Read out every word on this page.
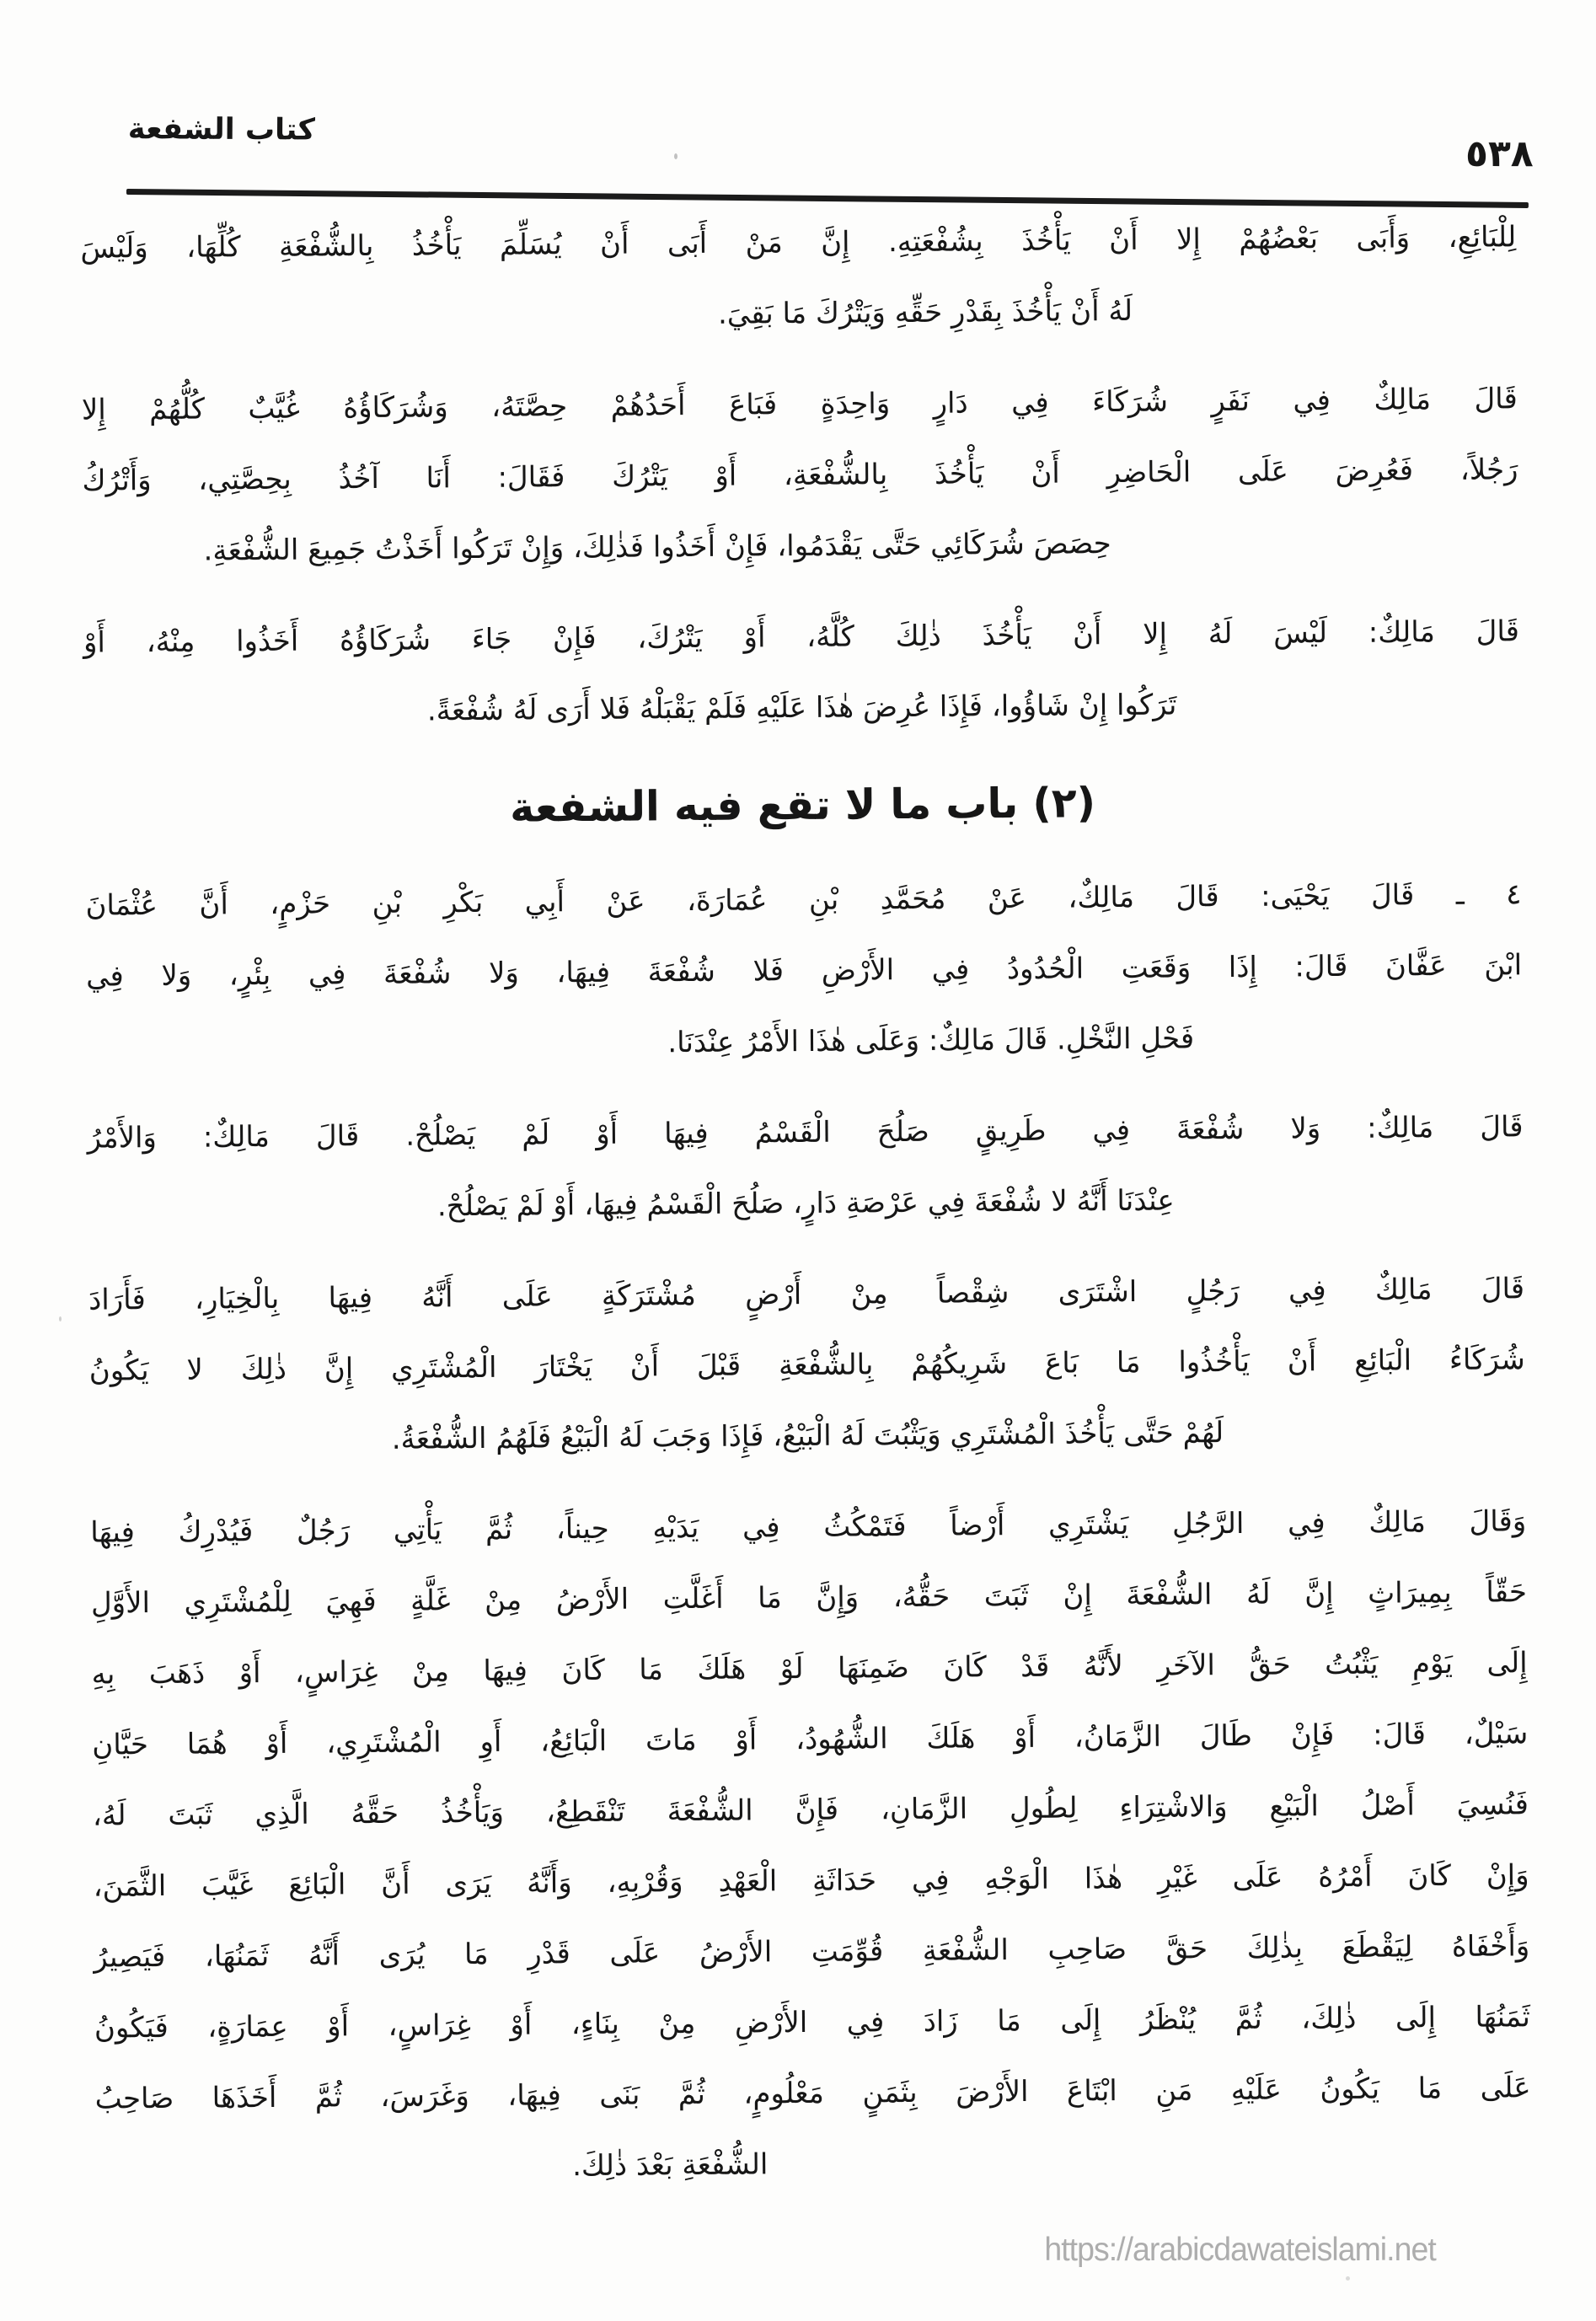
كتاب الشفعة
٥٣٨
لِلْبَائِعِ، وَأَبَى بَعْضُهُمْ إِلا أَنْ يَأْخُذَ بِشُفْعَتِهِ. إِنَّ مَنْ أَبَى أَنْ يُسَلِّمَ يَأْخُذُ بِالشُّفْعَةِ كُلِّهَا، وَلَيْسَ
لَهُ أَنْ يَأْخُذَ بِقَدْرِ حَقِّهِ وَيَتْرُكَ مَا بَقِيَ.
قَالَ مَالِكٌ فِي نَفَرٍ شُرَكَاءَ فِي دَارٍ وَاحِدَةٍ فَبَاعَ أَحَدُهُمْ حِصَّتَهُ، وَشُرَكَاؤُهُ غُيَّبٌ كُلُّهُمْ إِلا
رَجُلاً، فَعُرِضَ عَلَى الْحَاضِرِ أَنْ يَأْخُذَ بِالشُّفْعَةِ، أَوْ يَتْرُكَ فَقَالَ: أَنَا آخُذُ بِحِصَّتِي، وَأَتْرُكُ
حِصَصَ شُرَكَائِي حَتَّى يَقْدَمُوا، فَإِنْ أَخَذُوا فَذٰلِكَ، وَإِنْ تَرَكُوا أَخَذْتُ جَمِيعَ الشُّفْعَةِ.
قَالَ مَالِكٌ: لَيْسَ لَهُ إِلا أَنْ يَأْخُذَ ذٰلِكَ كُلَّهُ، أَوْ يَتْرُكَ، فَإِنْ جَاءَ شُرَكَاؤُهُ أَخَذُوا مِنْهُ، أَوْ
تَرَكُوا إِنْ شَاؤُوا، فَإِذَا عُرِضَ هٰذَا عَلَيْهِ فَلَمْ يَقْبَلْهُ فَلا أَرَى لَهُ شُفْعَةً.
(٢) باب ما لا تقع فيه الشفعة
٤ ـ قَالَ يَحْيَى: قَالَ مَالِكٌ، عَنْ مُحَمَّدِ بْنِ عُمَارَةَ، عَنْ أَبِي بَكْرِ بْنِ حَزْمٍ، أَنَّ عُثْمَانَ
ابْنَ عَفَّانَ قَالَ: إِذَا وَقَعَتِ الْحُدُودُ فِي الأَرْضِ فَلا شُفْعَةَ فِيهَا، وَلا شُفْعَةَ فِي بِئْرٍ، وَلا فِي
فَحْلِ النَّخْلِ. قَالَ مَالِكٌ: وَعَلَى هٰذَا الأَمْرُ عِنْدَنَا.
قَالَ مَالِكٌ: وَلا شُفْعَةَ فِي طَرِيقٍ صَلُحَ الْقَسْمُ فِيهَا أَوْ لَمْ يَصْلُحْ. قَالَ مَالِكٌ: وَالأَمْرُ
عِنْدَنَا أَنَّهُ لا شُفْعَةَ فِي عَرْصَةِ دَارٍ، صَلُحَ الْقَسْمُ فِيهَا، أَوْ لَمْ يَصْلُحْ.
قَالَ مَالِكٌ فِي رَجُلٍ اشْتَرَى شِقْصاً مِنْ أَرْضٍ مُشْتَرَكَةٍ عَلَى أَنَّهُ فِيهَا بِالْخِيَارِ، فَأَرَادَ
شُرَكَاءُ الْبَائِعِ أَنْ يَأْخُذُوا مَا بَاعَ شَرِيكُهُمْ بِالشُّفْعَةِ قَبْلَ أَنْ يَخْتَارَ الْمُشْتَرِي إِنَّ ذٰلِكَ لا يَكُونُ
لَهُمْ حَتَّى يَأْخُذَ الْمُشْتَرِي وَيَثْبُتَ لَهُ الْبَيْعُ، فَإِذَا وَجَبَ لَهُ الْبَيْعُ فَلَهُمُ الشُّفْعَةُ.
وَقَالَ مَالِكٌ فِي الرَّجُلِ يَشْتَرِي أَرْضاً فَتَمْكُثُ فِي يَدَيْهِ حِيناً، ثُمَّ يَأْتِي رَجُلٌ فَيُدْرِكُ فِيهَا
حَقّاً بِمِيرَاثٍ إِنَّ لَهُ الشُّفْعَةَ إِنْ ثَبَتَ حَقُّهُ، وَإِنَّ مَا أَغَلَّتِ الأَرْضُ مِنْ غَلَّةٍ فَهِيَ لِلْمُشْتَرِي الأَوَّلِ
إِلَى يَوْمِ يَثْبُتُ حَقُّ الآخَرِ لأَنَّهُ قَدْ كَانَ ضَمِنَهَا لَوْ هَلَكَ مَا كَانَ فِيهَا مِنْ غِرَاسٍ، أَوْ ذَهَبَ بِهِ
سَيْلٌ، قَالَ: فَإِنْ طَالَ الزَّمَانُ، أَوْ هَلَكَ الشُّهُودُ، أَوْ مَاتَ الْبَائِعُ، أَوِ الْمُشْتَرِي، أَوْ هُمَا حَيَّانِ
فَنُسِيَ أَصْلُ الْبَيْعِ وَالاشْتِرَاءِ لِطُولِ الزَّمَانِ، فَإِنَّ الشُّفْعَةَ تَنْقَطِعُ، وَيَأْخُذُ حَقَّهُ الَّذِي ثَبَتَ لَهُ،
وَإِنْ كَانَ أَمْرُهُ عَلَى غَيْرِ هٰذَا الْوَجْهِ فِي حَدَاثَةِ الْعَهْدِ وَقُرْبِهِ، وَأَنَّهُ يَرَى أَنَّ الْبَائِعَ غَيَّبَ الثَّمَنَ،
وَأَخْفَاهُ لِيَقْطَعَ بِذٰلِكَ حَقَّ صَاحِبِ الشُّفْعَةِ قُوِّمَتِ الأَرْضُ عَلَى قَدْرِ مَا يُرَى أَنَّهُ ثَمَنُهَا، فَيَصِيرُ
ثَمَنُهَا إِلَى ذٰلِكَ، ثُمَّ يُنْظَرُ إِلَى مَا زَادَ فِي الأَرْضِ مِنْ بِنَاءٍ، أَوْ غِرَاسٍ، أَوْ عِمَارَةٍ، فَيَكُونُ
عَلَى مَا يَكُونُ عَلَيْهِ مَنِ ابْتَاعَ الأَرْضَ بِثَمَنٍ مَعْلُومٍ، ثُمَّ بَنَى فِيهَا، وَغَرَسَ، ثُمَّ أَخَذَهَا صَاحِبُ
الشُّفْعَةِ بَعْدَ ذٰلِكَ.
https://arabicdawateislami.net
